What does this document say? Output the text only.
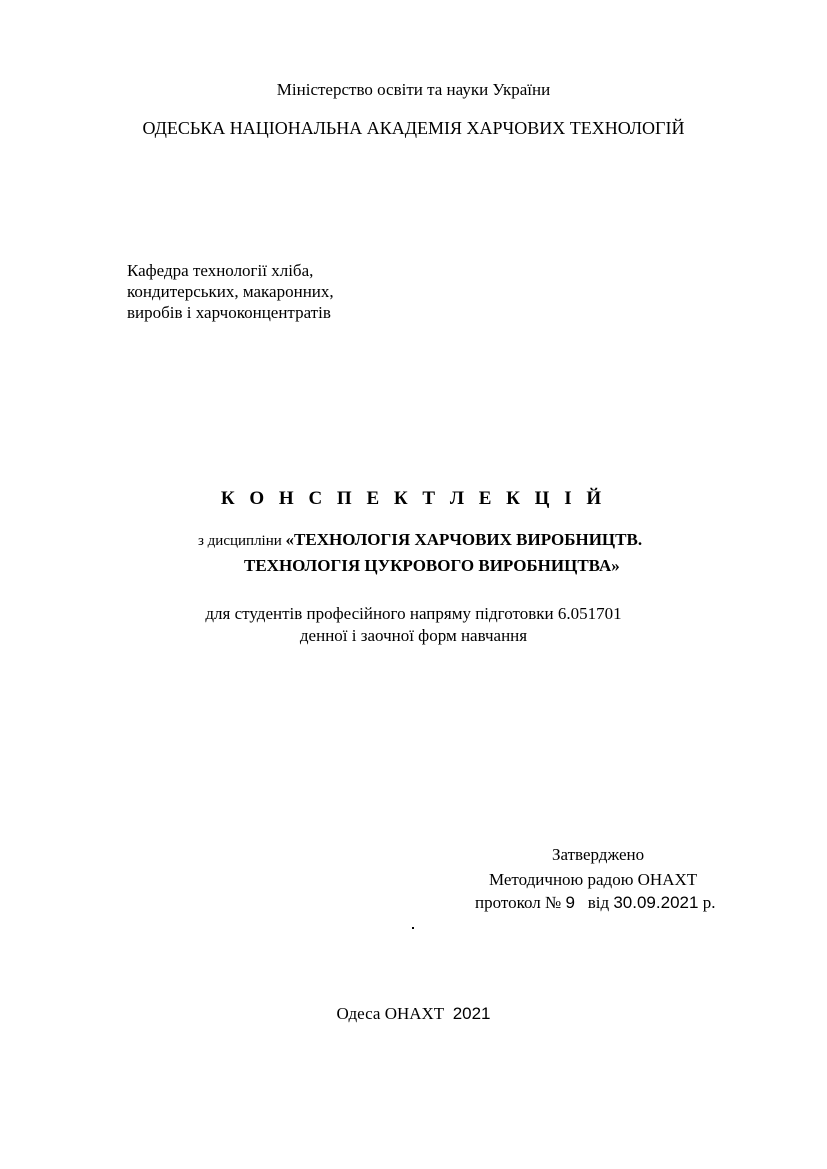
Міністерство освіти та науки України
ОДЕСЬКА НАЦІОНАЛЬНА АКАДЕМІЯ ХАРЧОВИХ ТЕХНОЛОГІЙ
Кафедра технології хліба,
кондитерських, макаронних,
виробів і харчоконцентратів
К О Н С П Е К Т Л Е К Ц І Й
з дисципліни «ТЕХНОЛОГІЯ ХАРЧОВИХ ВИРОБНИЦТВ.
ТЕХНОЛОГІЯ ЦУКРОВОГО ВИРОБНИЦТВА»
для студентів професійного напряму підготовки 6.051701
денної і заочної форм навчання
Затверджено
Методичною радою ОНАХТ
протокол № 9   від 30.09.2021 р.
Одеса ОНАХТ  2021
